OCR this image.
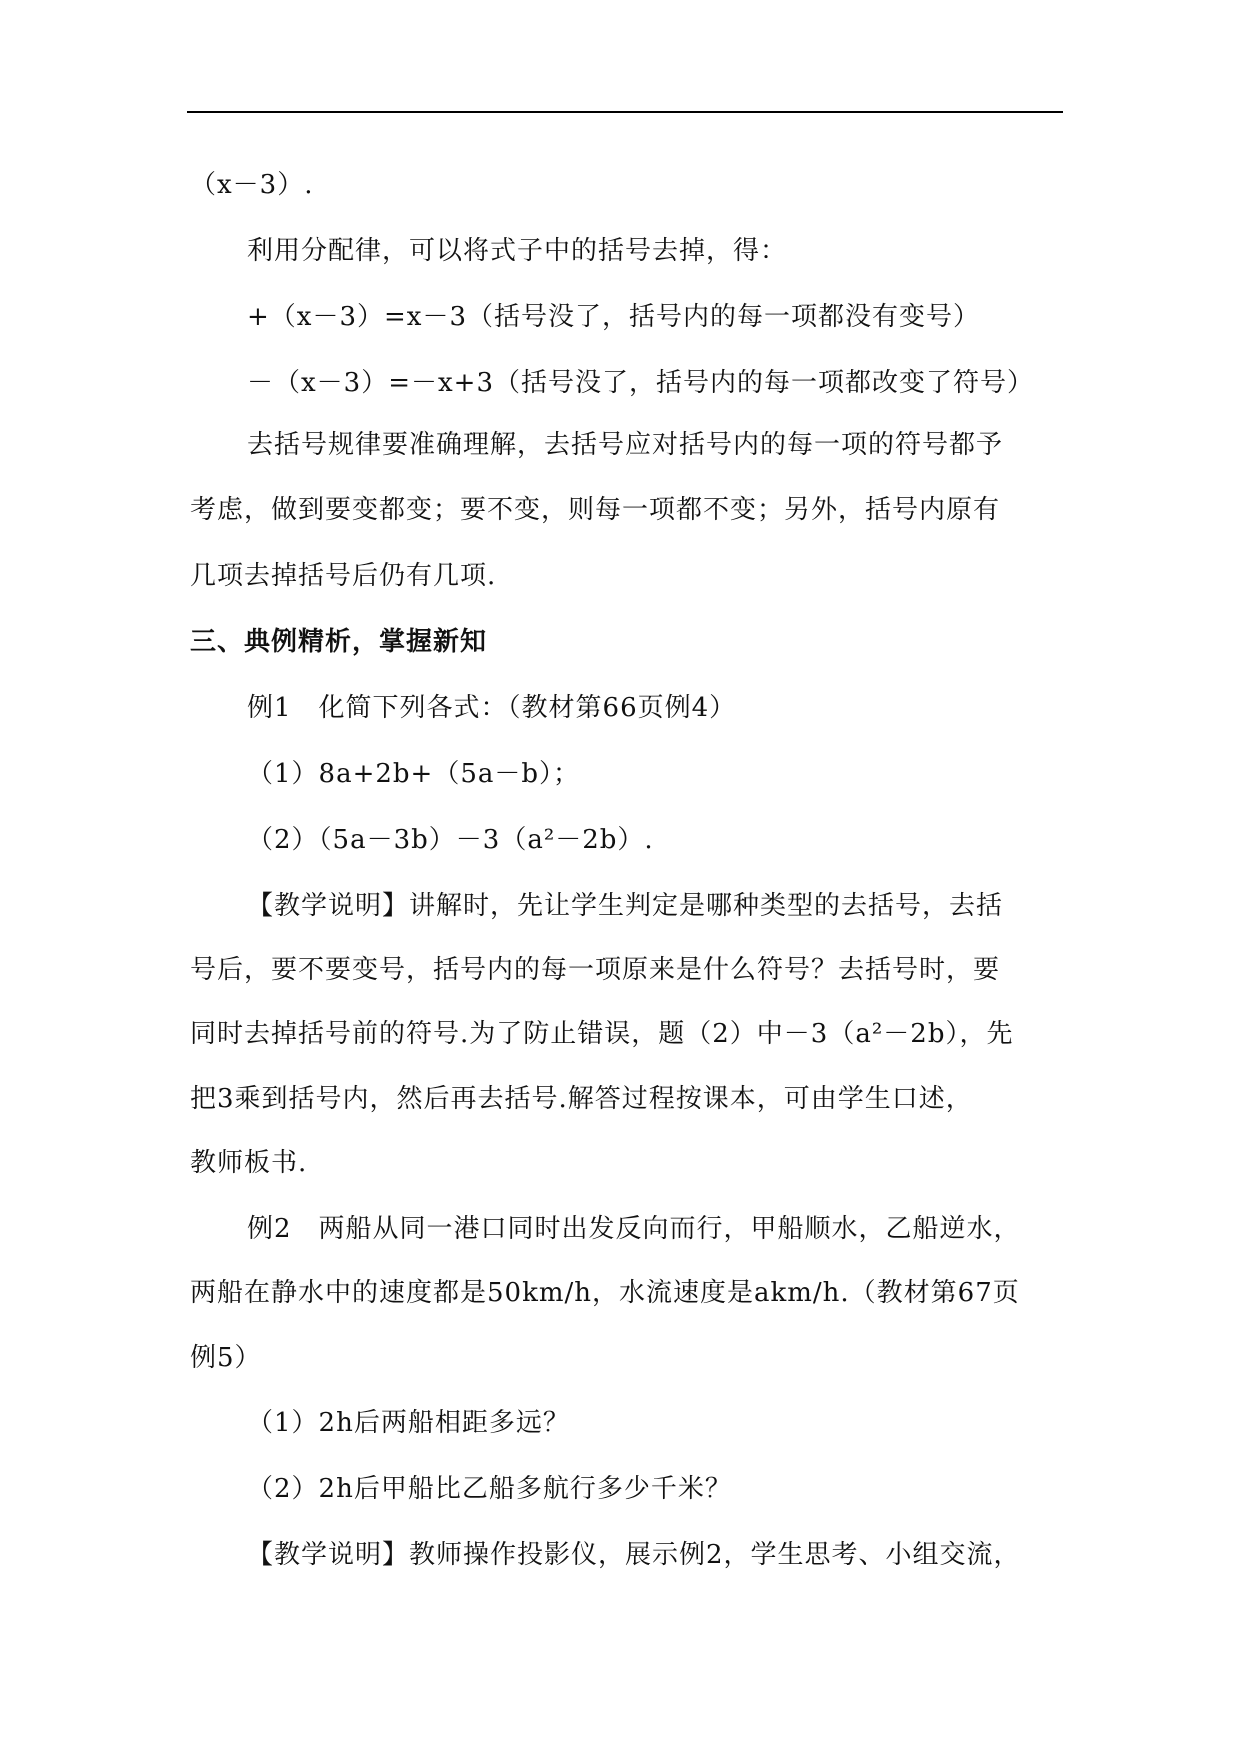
（x－3）.
利用分配律，可以将式子中的括号去掉，得：
+（x－3）=x－3（括号没了，括号内的每一项都没有变号）
－（x－3）=－x+3（括号没了，括号内的每一项都改变了符号）
去括号规律要准确理解，去括号应对括号内的每一项的符号都予
考虑，做到要变都变；要不变，则每一项都不变；另外，括号内原有
几项去掉括号后仍有几项.
三、典例精析，掌握新知
例1　化简下列各式：（教材第66页例4）
（1）8a+2b+（5a－b）；
（2）（5a－3b）－3（a²－2b）.
【教学说明】讲解时，先让学生判定是哪种类型的去括号，去括
号后，要不要变号，括号内的每一项原来是什么符号？去括号时，要
同时去掉括号前的符号.为了防止错误，题（2）中－3（a²－2b），先
把3乘到括号内，然后再去括号.解答过程按课本，可由学生口述，
教师板书.
例2　两船从同一港口同时出发反向而行，甲船顺水，乙船逆水，
两船在静水中的速度都是50km/h，水流速度是akm/h.（教材第67页
例5）
（1）2h后两船相距多远？
（2）2h后甲船比乙船多航行多少千米？
【教学说明】教师操作投影仪，展示例2，学生思考、小组交流，
